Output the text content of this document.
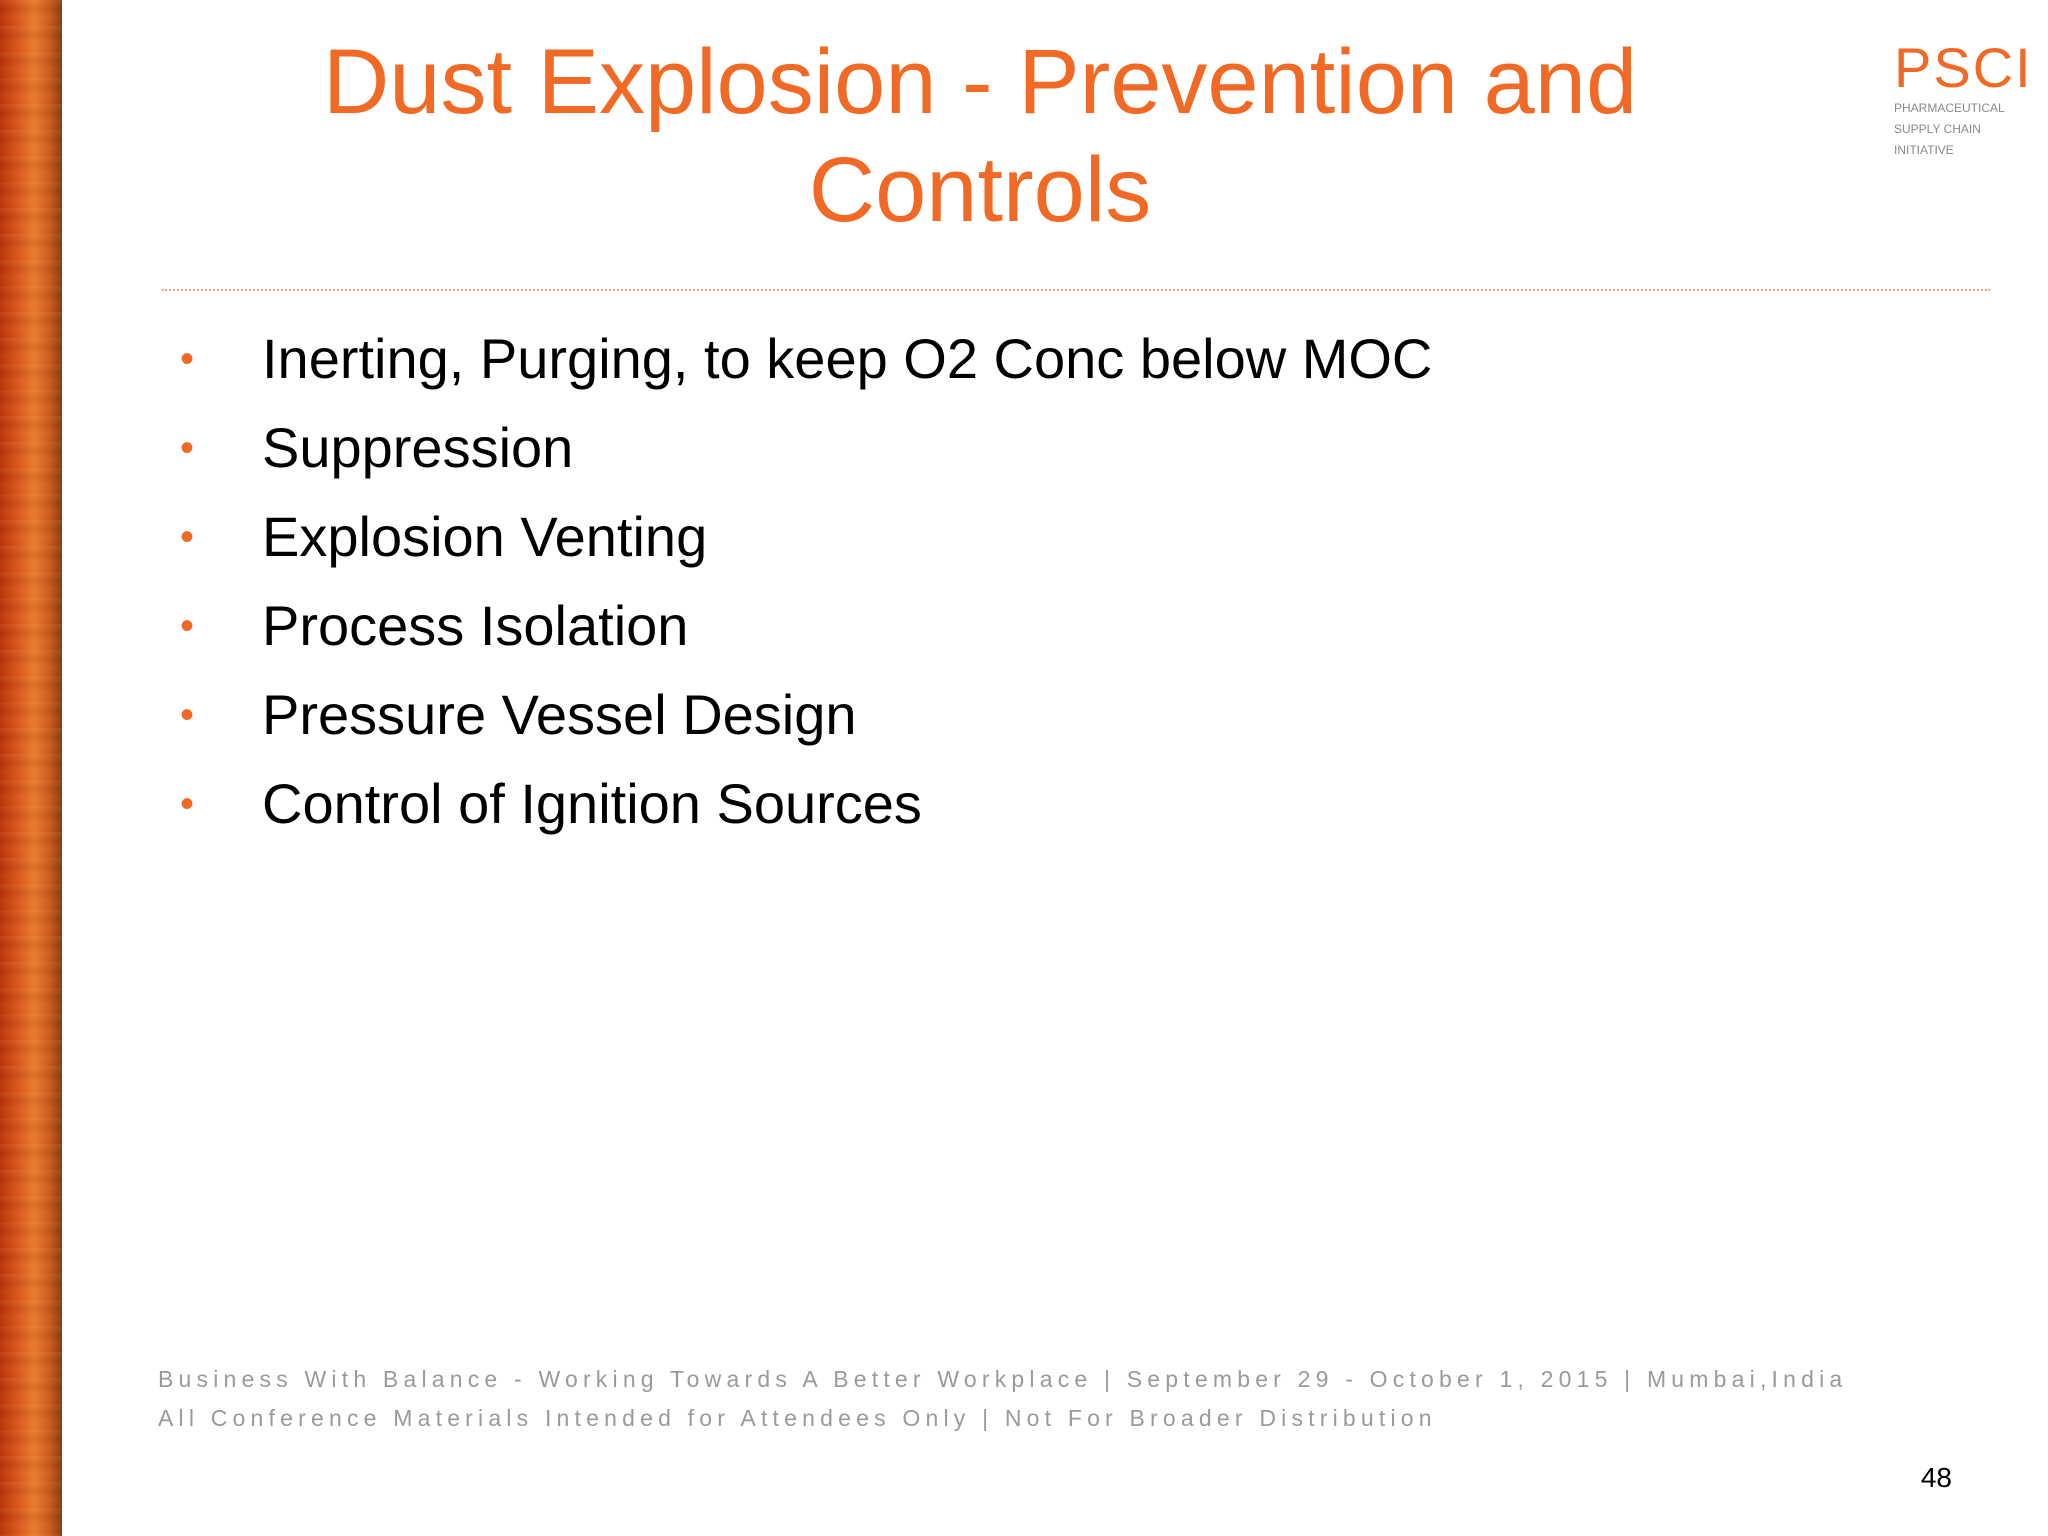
Dust Explosion - Prevention and Controls
PSCI
PHARMACEUTICAL
SUPPLY CHAIN
INITIATIVE
• Inerting, Purging, to keep O2 Conc below MOC
• Suppression
• Explosion Venting
• Process Isolation
• Pressure Vessel Design
• Control of Ignition Sources
Business With Balance - Working Towards A Better Workplace | September 29 - October 1, 2015 | Mumbai,India
All Conference Materials Intended for Attendees Only | Not For Broader Distribution
48
